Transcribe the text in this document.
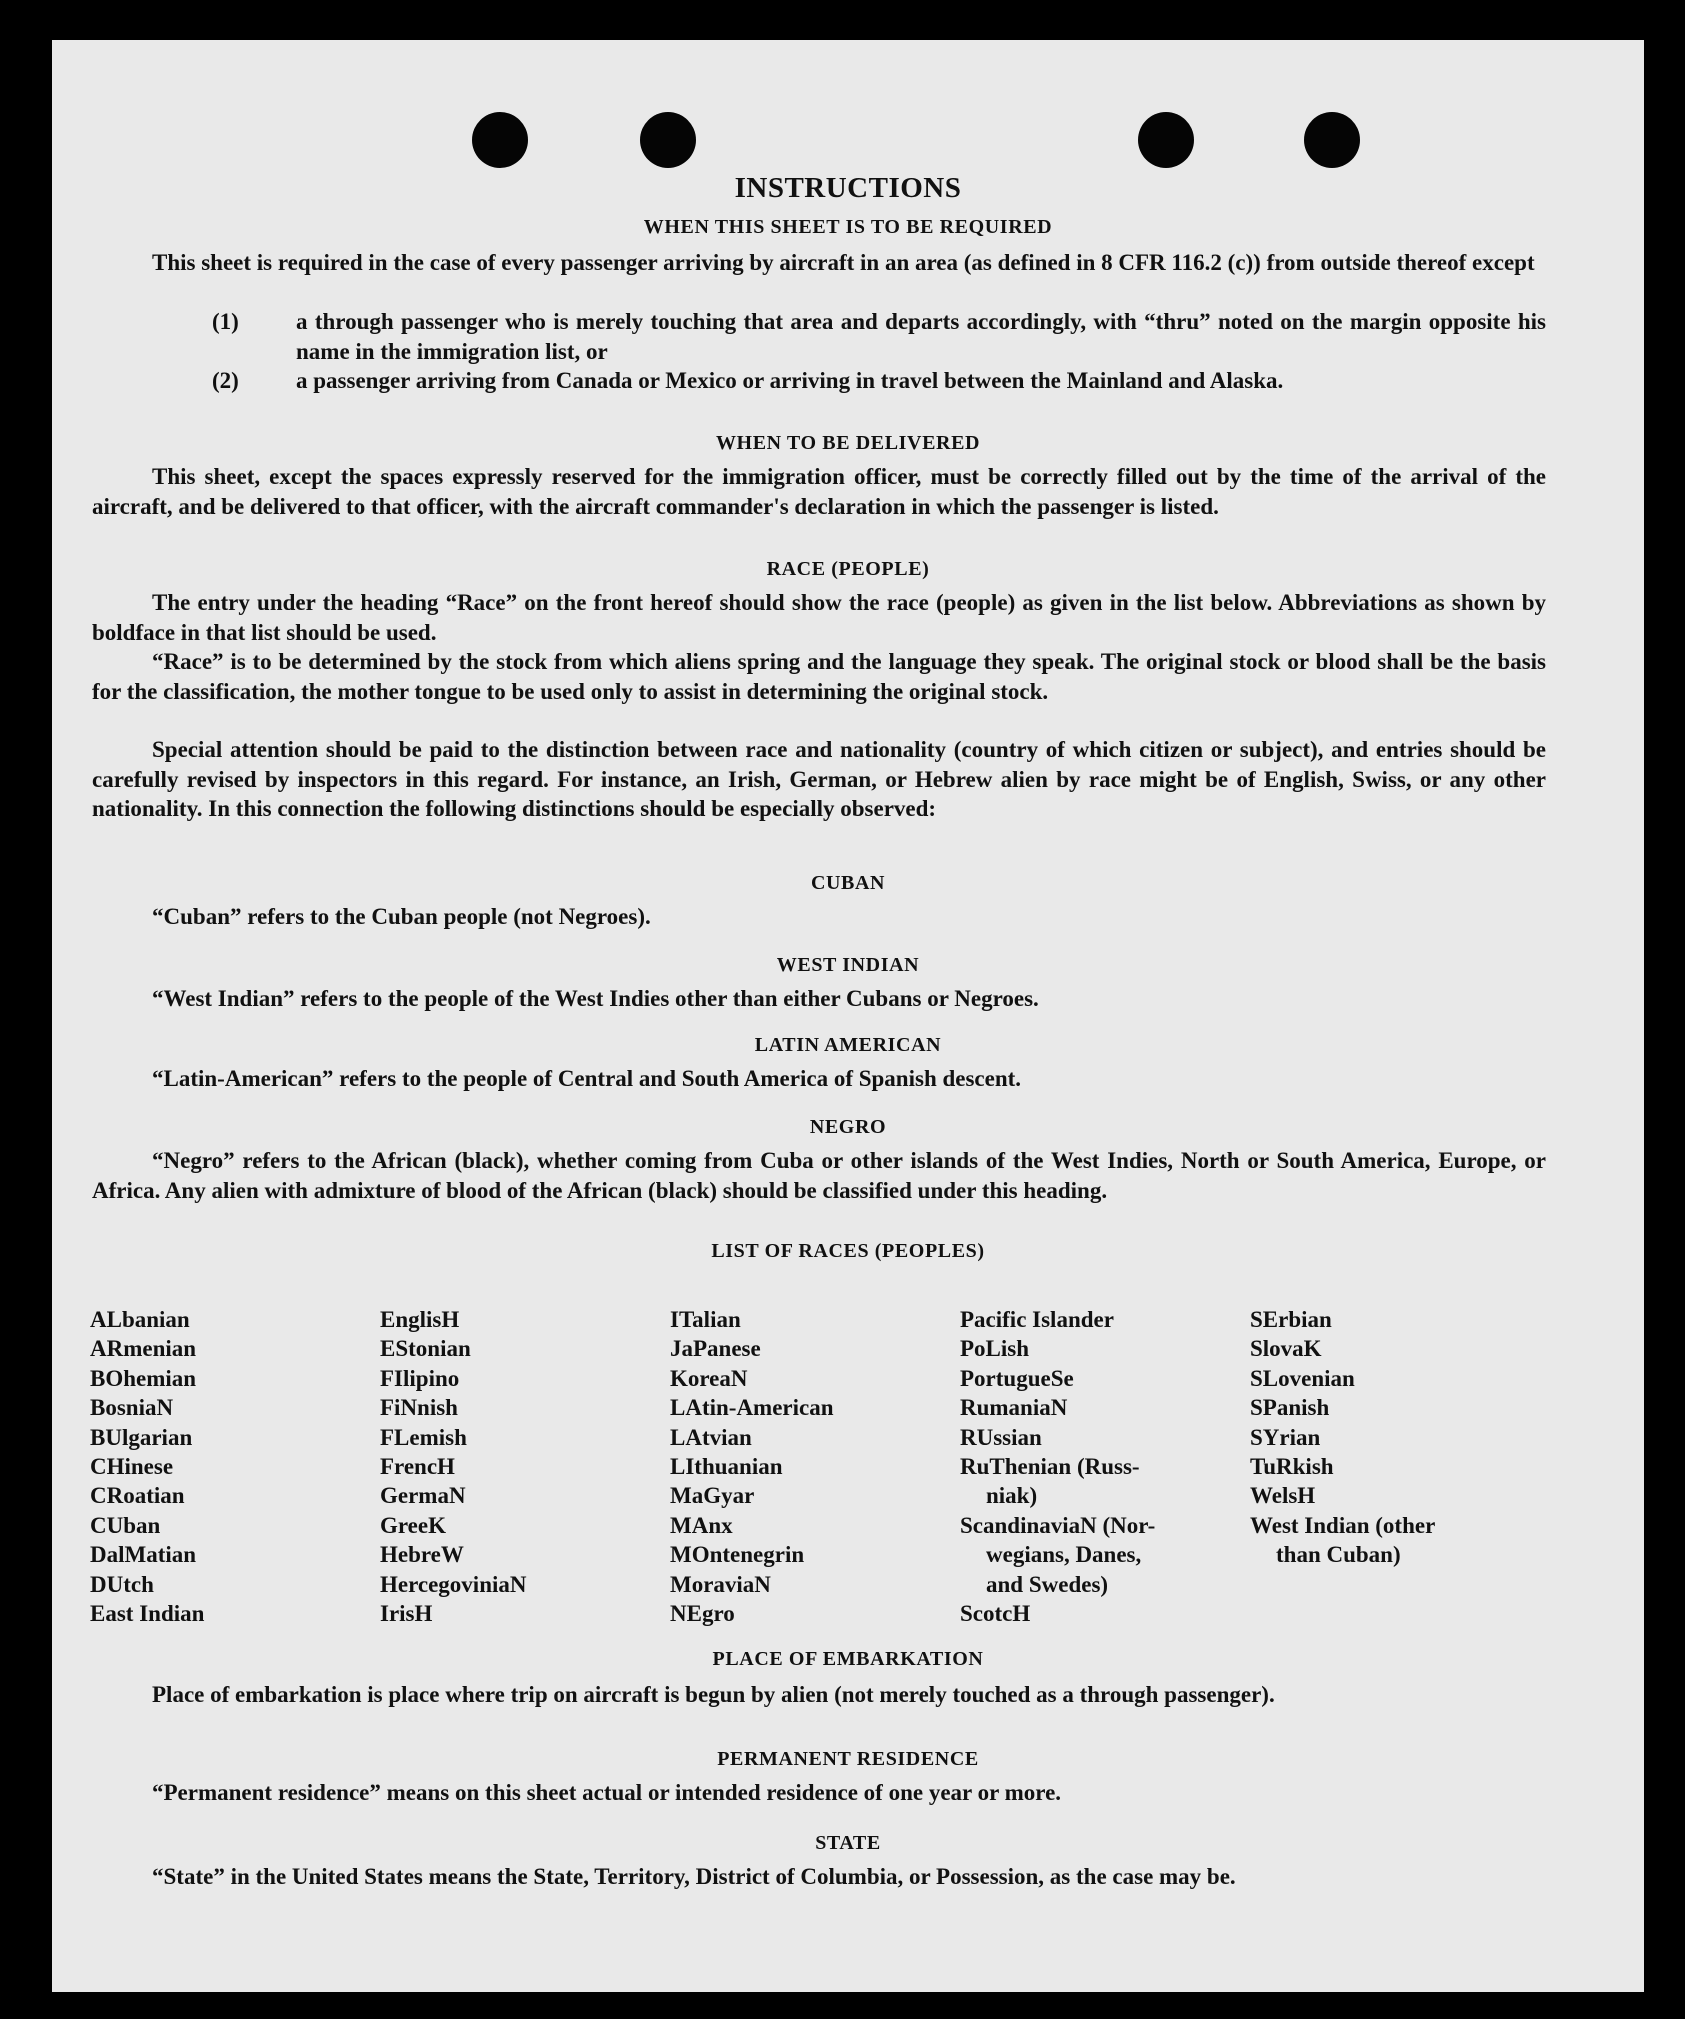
INSTRUCTIONS
WHEN THIS SHEET IS TO BE REQUIRED
This sheet is required in the case of every passenger arriving by aircraft in an area (as defined in 8 CFR 116.2 (c)) from outside thereof except
(1) a through passenger who is merely touching that area and departs accordingly, with “thru” noted on the margin opposite his name in the immigration list, or
(2) a passenger arriving from Canada or Mexico or arriving in travel between the Mainland and Alaska.
WHEN TO BE DELIVERED
This sheet, except the spaces expressly reserved for the immigration officer, must be correctly filled out by the time of the arrival of the aircraft, and be delivered to that officer, with the aircraft commander's declaration in which the passenger is listed.
RACE (PEOPLE)
The entry under the heading “Race” on the front hereof should show the race (people) as given in the list below. Abbreviations as shown by boldface in that list should be used.
“Race” is to be determined by the stock from which aliens spring and the language they speak. The original stock or blood shall be the basis for the classification, the mother tongue to be used only to assist in determining the original stock.
Special attention should be paid to the distinction between race and nationality (country of which citizen or subject), and entries should be carefully revised by inspectors in this regard. For instance, an Irish, German, or Hebrew alien by race might be of English, Swiss, or any other nationality. In this connection the following distinctions should be especially observed:
CUBAN
“Cuban” refers to the Cuban people (not Negroes).
WEST INDIAN
“West Indian” refers to the people of the West Indies other than either Cubans or Negroes.
LATIN AMERICAN
“Latin-American” refers to the people of Central and South America of Spanish descent.
NEGRO
“Negro” refers to the African (black), whether coming from Cuba or other islands of the West Indies, North or South America, Europe, or Africa. Any alien with admixture of blood of the African (black) should be classified under this heading.
LIST OF RACES (PEOPLES)
ALbanian
ARmenian
BOhemian
BosniaN
BUlgarian
CHinese
CRoatian
CUban
DalMatian
DUtch
East Indian
EnglisH
EStonian
FIlipino
FiNnish
FLemish
FrencH
GermaN
GreeK
HebreW
HercegoviniaN
IrisH
ITalian
JaPanese
KoreaN
LAtin-American
LAtvian
LIthuanian
MaGyar
MAnx
MOntenegrin
MoraviaN
NEgro
Pacific Islander
PoLish
PortugueSe
RumaniaN
RUssian
RuThenian (Russ-
niak)
ScandinaviaN (Nor-
wegians, Danes,
and Swedes)
ScotcH
SErbian
SlovaK
SLovenian
SPanish
SYrian
TuRkish
WelsH
West Indian (other
than Cuban)
PLACE OF EMBARKATION
Place of embarkation is place where trip on aircraft is begun by alien (not merely touched as a through passenger).
PERMANENT RESIDENCE
“Permanent residence” means on this sheet actual or intended residence of one year or more.
STATE
“State” in the United States means the State, Territory, District of Columbia, or Possession, as the case may be.
